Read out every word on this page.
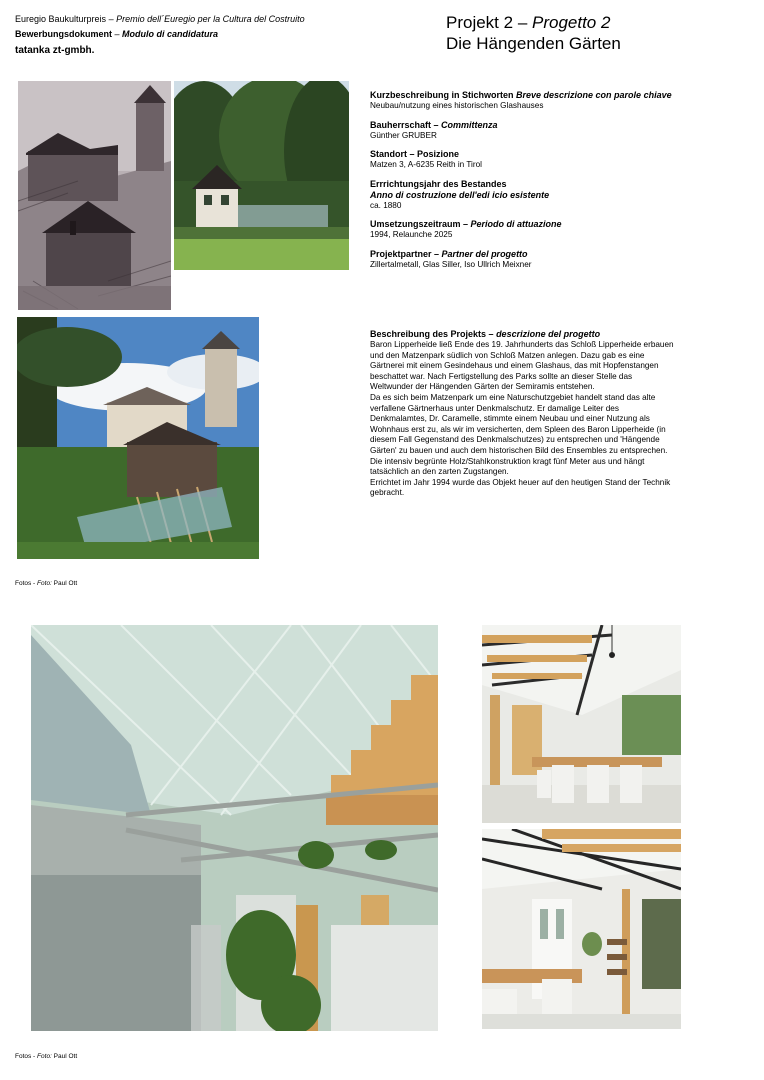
Euregio Baukulturpreis – Premio dell´Euregio per la Cultura del Costruito
Bewerbungsdokument – Modulo di candidatura
tatanka zt-gmbh.
Projekt 2 – Progetto 2
Die Hängenden Gärten
Fotos - Foto: Paul Ott
Kurzbeschreibung in Stichworten Breve descrizione con parole chiave
Neubau/nutzung eines historischen Glashauses
Bauherrschaft – Committenza
Günther GRUBER
Standort – Posizione
Matzen 3, A-6235 Reith in Tirol
Errrichtungsjahr des Bestandes
Anno di costruzione dell'edi icio esistente
ca. 1880
Umsetzungszeitraum – Periodo di attuazione
1994, Relaunche 2025
Projektpartner – Partner del progetto
Zillertalmetall, Glas Siller, Iso Ullrich Meixner
Beschreibung des Projekts – descrizione del progetto

Baron Lipperheide ließ Ende des 19. Jahrhunderts das Schloß Lipperheide erbauen
und den Matzenpark südlich von Schloß Matzen anlegen. Dazu gab es eine
Gärtnerei mit einem Gesindehaus und einem Glashaus, das mit Hopfenstangen
beschattet war. Nach Fertigstellung des Parks sollte an dieser Stelle das
Weltwunder der Hängenden Gärten der Semiramis entstehen.
Da es sich beim Matzenpark um eine Naturschutzgebiet handelt stand das alte
verfallene Gärtnerhaus unter Denkmalschutz. Er damalige Leiter des
Denkmalamtes, Dr. Caramelle, stimmte einem Neubau und einer Nutzung als
Wohnhaus erst zu, als wir im versicherten, dem Spleen des Baron Lipperheide (in
diesem Fall Gegenstand des Denkmalschutzes) zu entsprechen und 'Hängende
Gärten' zu bauen und auch dem historischen Bild des Ensembles zu entsprechen.
Die intensiv begrünte Holz/Stahlkonstruktion kragt fünf Meter aus und hängt
tatsächlich an den zarten Zugstangen.
Errichtet im Jahr 1994 wurde das Objekt heuer auf den heutigen Stand der Technik
gebracht.

Fotos - Foto: Paul Ott
